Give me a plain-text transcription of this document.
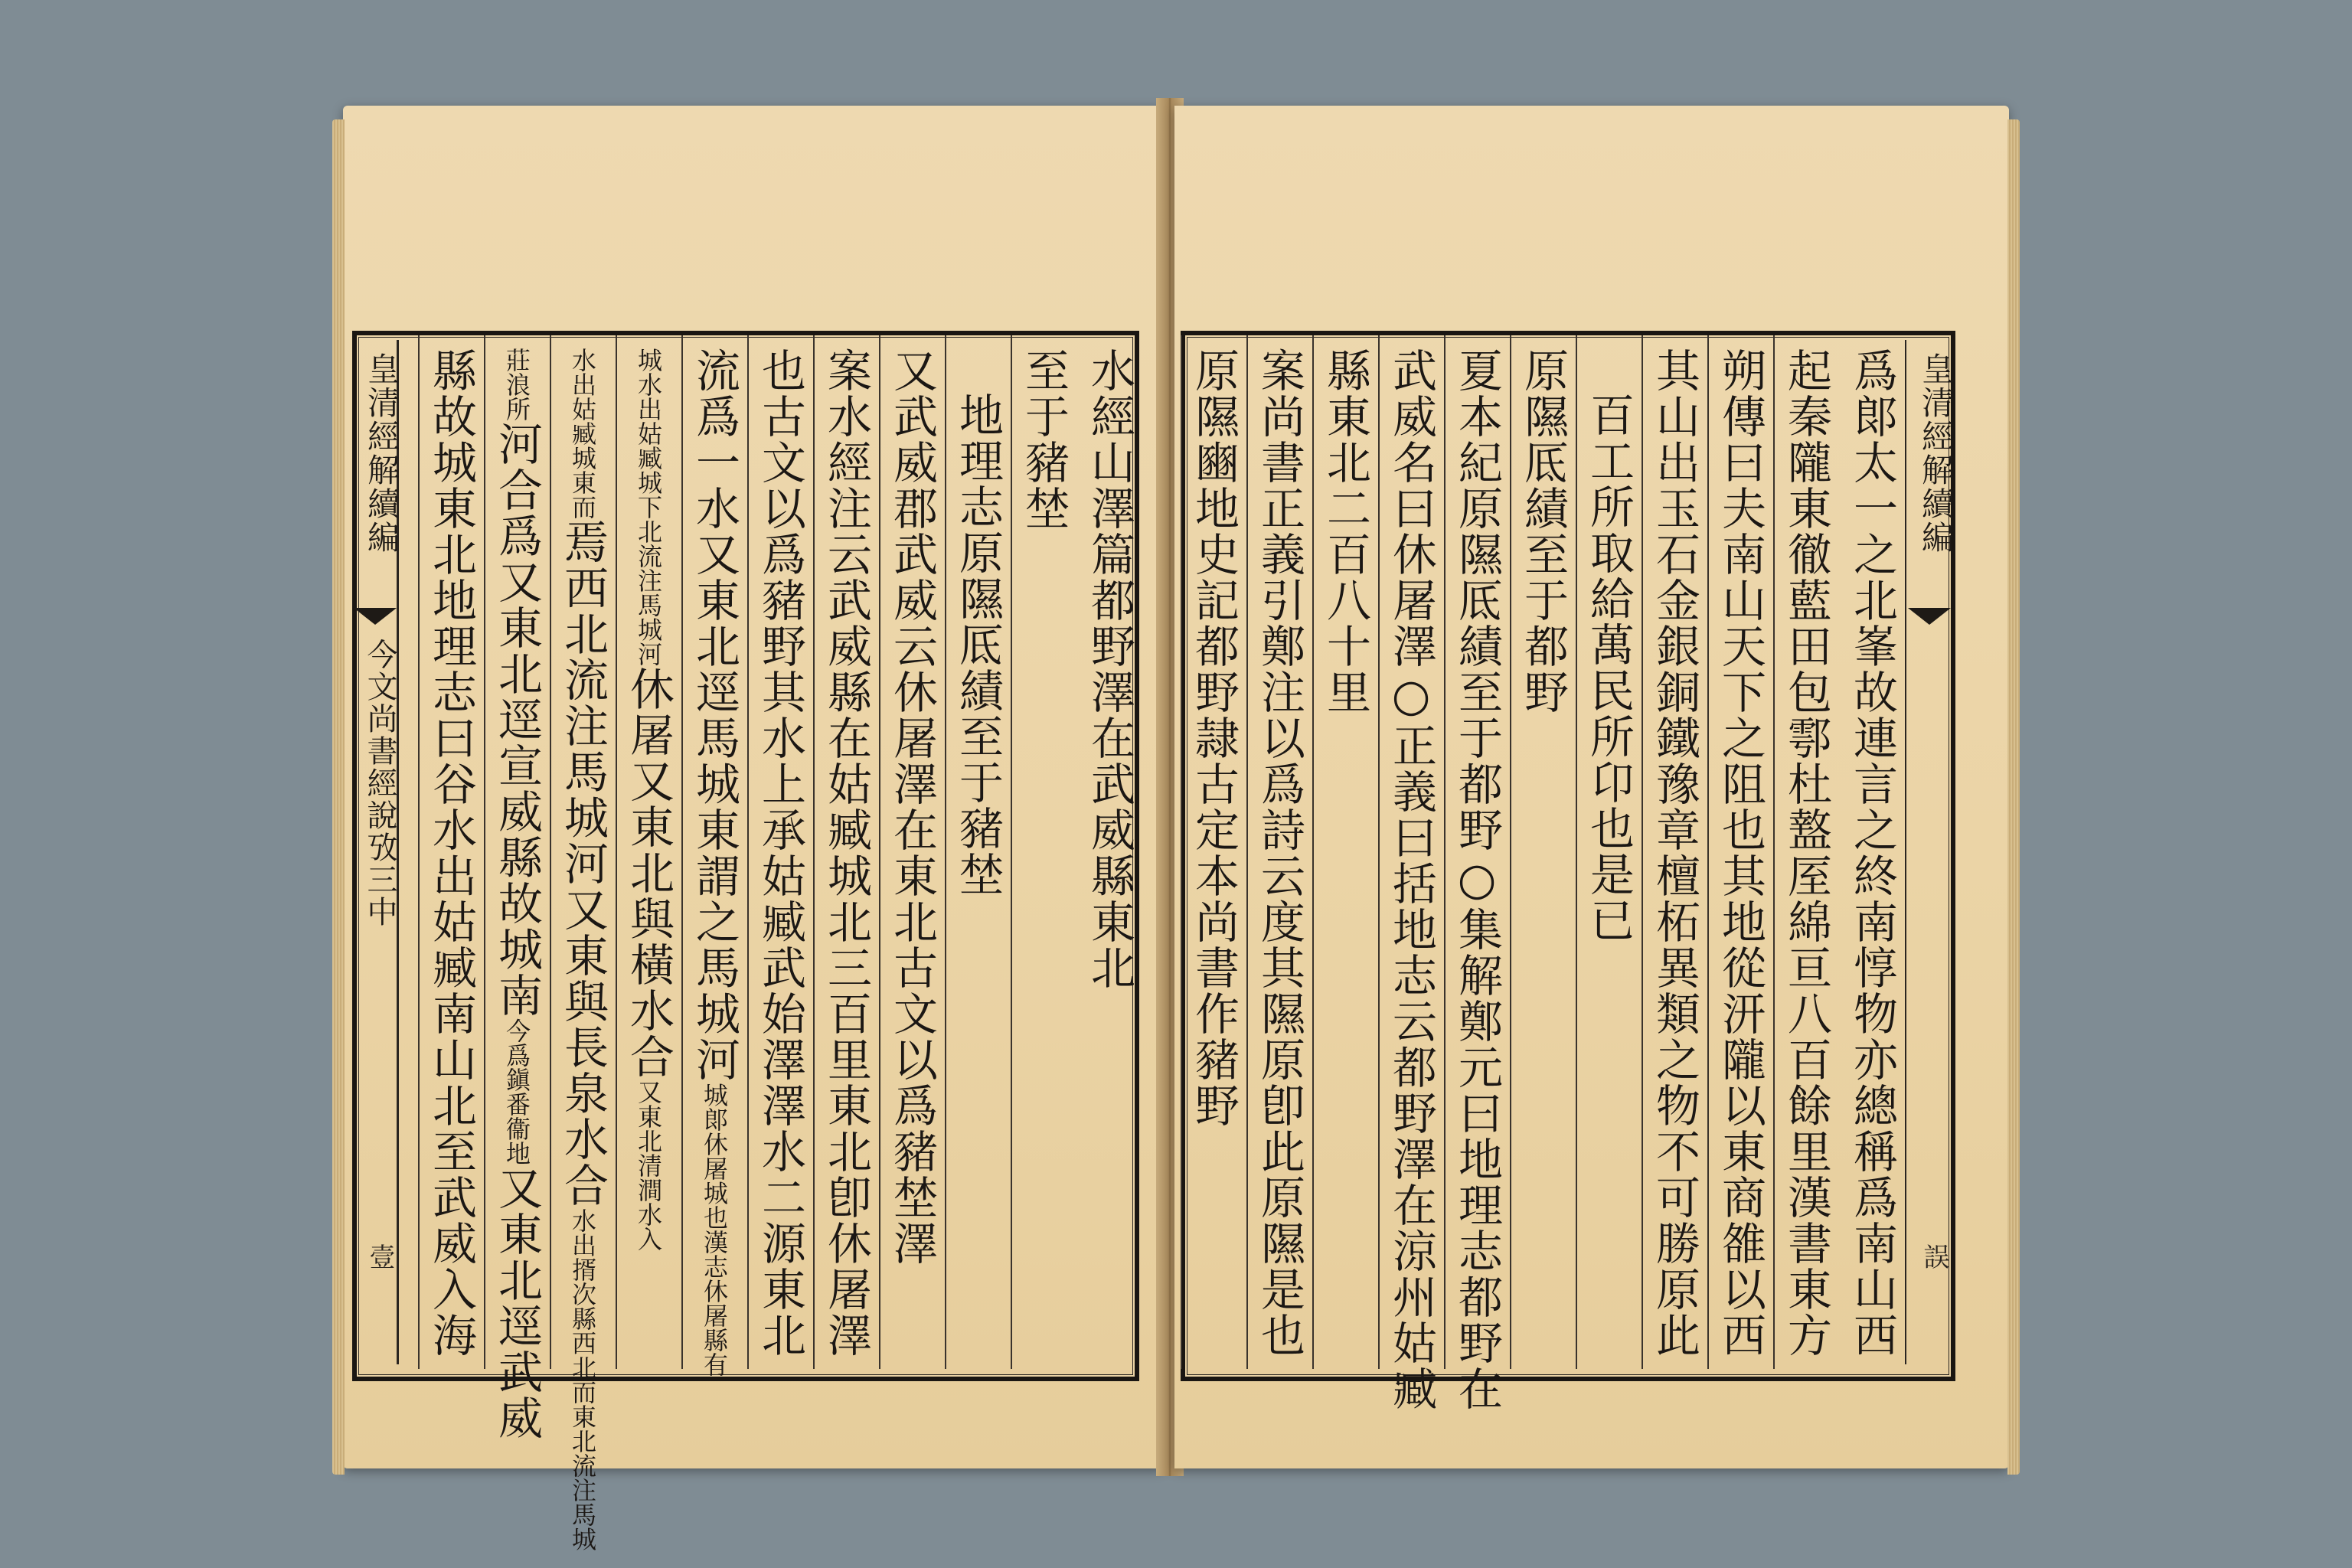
皇清經解續編
今文尚書經說攷三中
壹
水經山澤篇都野澤在武威縣東北
至于豬埜
地理志原隰厎績至于豬埜
又武威郡武威云休屠澤在東北古文以爲豬埜澤
案水經注云武威縣在姑臧城北三百里東北卽休屠澤
也古文以爲豬野其水上承姑臧武始澤澤水二源東北
流爲一水又東北逕馬城東謂之馬城河城郞休屠城也漢志休屠縣有
城水出姑臧城下北流注馬城河休屠又東北與橫水合又東北清澗水入
水出姑臧城東而焉西北流注馬城河又東與長泉水合水出揟次縣西北而東北流注馬城
莊浪所河合爲又東北逕宣威縣故城南今爲鎭番衞地又東北逕武威
縣故城東北地理志曰谷水出姑臧南山北至武威入海	皇清經解續編
誤
爲郞太一之北峯故連言之終南惇物亦總稱爲南山西
起秦隴東徹藍田包鄠杜盩厔綿亘八百餘里漢書東方
朔傳曰夫南山天下之阻也其地從汧隴以東商雒以西
其山出玉石金銀銅鐵豫章檀柘異類之物不可勝原此
百工所取給萬民所卬也是已
原隰厎績至于都野
夏本紀原隰厎績至于都野○集解鄭元曰地理志都野在
武威名曰休屠澤○正義曰括地志云都野澤在涼州姑臧
縣東北二百八十里
案尚書正義引鄭注以爲詩云度其隰原卽此原隰是也
原隰豳地史記都野隷古定本尚書作豬野
